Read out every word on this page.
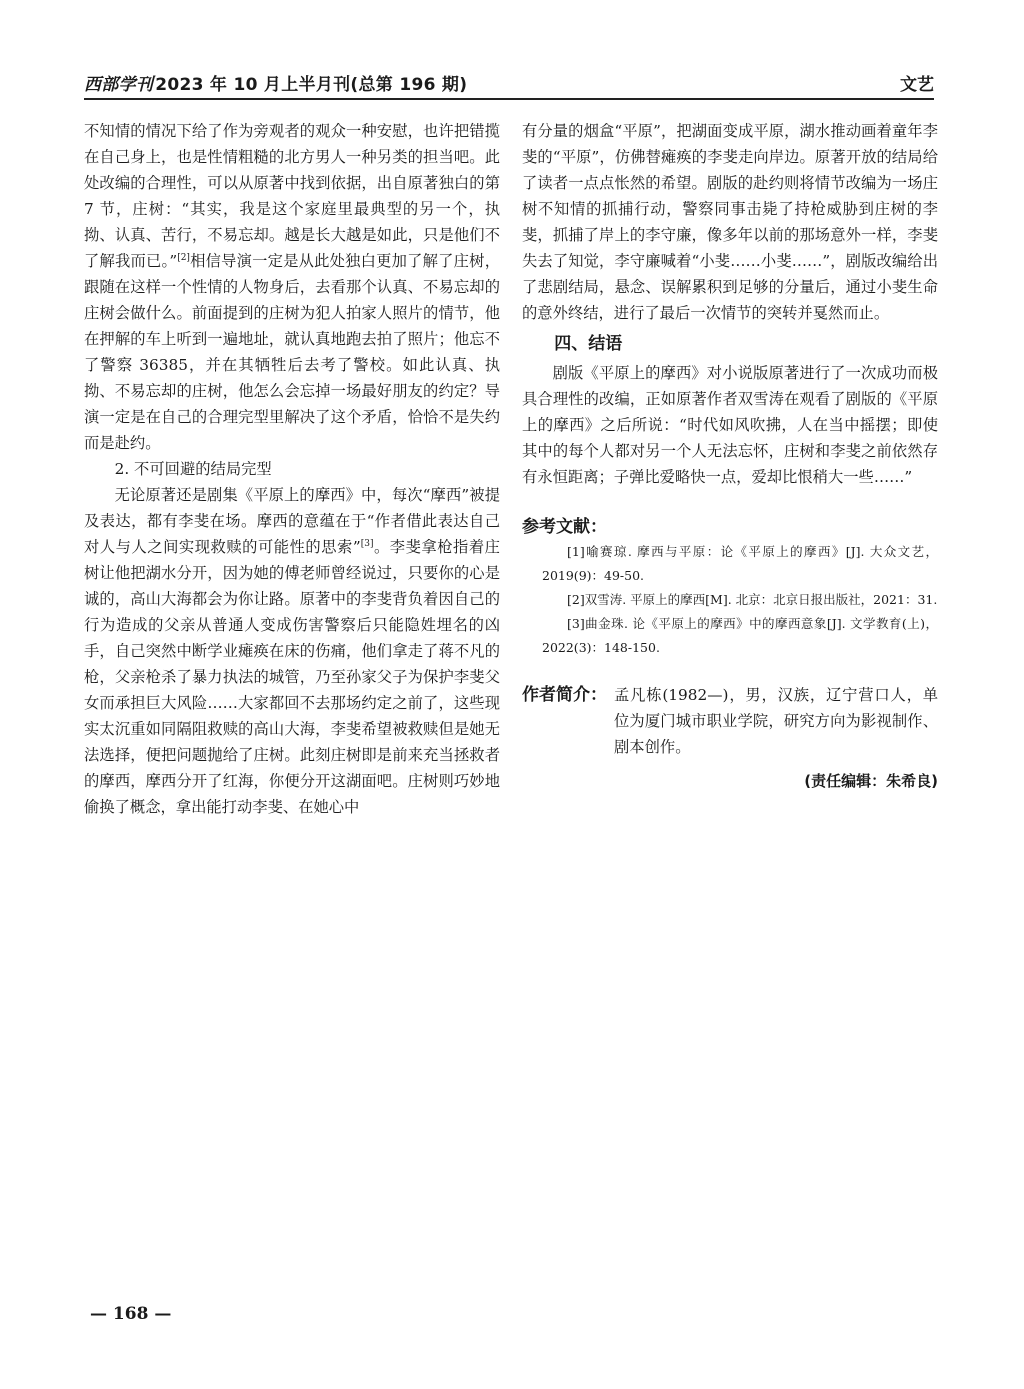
西部学刊 2023 年 10 月上半月刊(总第 196 期)	文艺

不知情的情况下给了作为旁观者的观众一种安慰，也许把错揽在自己身上，也是性情粗糙的北方男人一种另类的担当吧。此处改编的合理性，可以从原著中找到依据，出自原著独白的第 7 节，庄树：“其实，我是这个家庭里最典型的另一个，执拗、认真、苦行，不易忘却。越是长大越是如此，只是他们不了解我而已。”[2]相信导演一定是从此处独白更加了解了庄树，跟随在这样一个性情的人物身后，去看那个认真、不易忘却的庄树会做什么。前面提到的庄树为犯人拍家人照片的情节，他在押解的车上听到一遍地址，就认真地跑去拍了照片；他忘不了警察 36385，并在其牺牲后去考了警校。如此认真、执拗、不易忘却的庄树，他怎么会忘掉一场最好朋友的约定？导演一定是在自己的合理完型里解决了这个矛盾，恰恰不是失约而是赴约。

2. 不可回避的结局完型

无论原著还是剧集《平原上的摩西》中，每次“摩西”被提及表达，都有李斐在场。摩西的意蕴在于“作者借此表达自己对人与人之间实现救赎的可能性的思索”[3]。李斐拿枪指着庄树让他把湖水分开，因为她的傅老师曾经说过，只要你的心是诚的，高山大海都会为你让路。原著中的李斐背负着因自己的行为造成的父亲从普通人变成伤害警察后只能隐姓埋名的凶手，自己突然中断学业瘫痪在床的伤痛，他们拿走了蒋不凡的枪，父亲枪杀了暴力执法的城管，乃至孙家父子为保护李斐父女而承担巨大风险……大家都回不去那场约定之前了，这些现实太沉重如同隔阻救赎的高山大海，李斐希望被救赎但是她无法选择，便把问题抛给了庄树。此刻庄树即是前来充当拯救者的摩西，摩西分开了红海，你便分开这湖面吧。庄树则巧妙地偷换了概念，拿出能打动李斐、在她心中

有分量的烟盒“平原”，把湖面变成平原，湖水推动画着童年李斐的“平原”，仿佛替瘫痪的李斐走向岸边。原著开放的结局给了读者一点点怅然的希望。剧版的赴约则将情节改编为一场庄树不知情的抓捕行动，警察同事击毙了持枪威胁到庄树的李斐，抓捕了岸上的李守廉，像多年以前的那场意外一样，李斐失去了知觉，李守廉喊着“小斐……小斐……”，剧版改编给出了悲剧结局，悬念、误解累积到足够的分量后，通过小斐生命的意外终结，进行了最后一次情节的突转并戛然而止。

四、结语

剧版《平原上的摩西》对小说版原著进行了一次成功而极具合理性的改编，正如原著作者双雪涛在观看了剧版的《平原上的摩西》之后所说：“时代如风吹拂，人在当中摇摆；即使其中的每个人都对另一个人无法忘怀，庄树和李斐之前依然存有永恒距离；子弹比爱略快一点，爱却比恨稍大一些……”

参考文献：

[1]喻赛琼. 摩西与平原：论《平原上的摩西》[J]. 大众文艺，2019(9)：49-50.

[2]双雪涛. 平原上的摩西[M]. 北京：北京日报出版社，2021：31.

[3]曲金珠. 论《平原上的摩西》中的摩西意象[J]. 文学教育(上)，2022(3)：148-150.

作者简介： 孟凡栋(1982—)，男，汉族，辽宁营口人，单位为厦门城市职业学院，研究方向为影视制作、剧本创作。
(责任编辑：朱希良)
— 168 —
